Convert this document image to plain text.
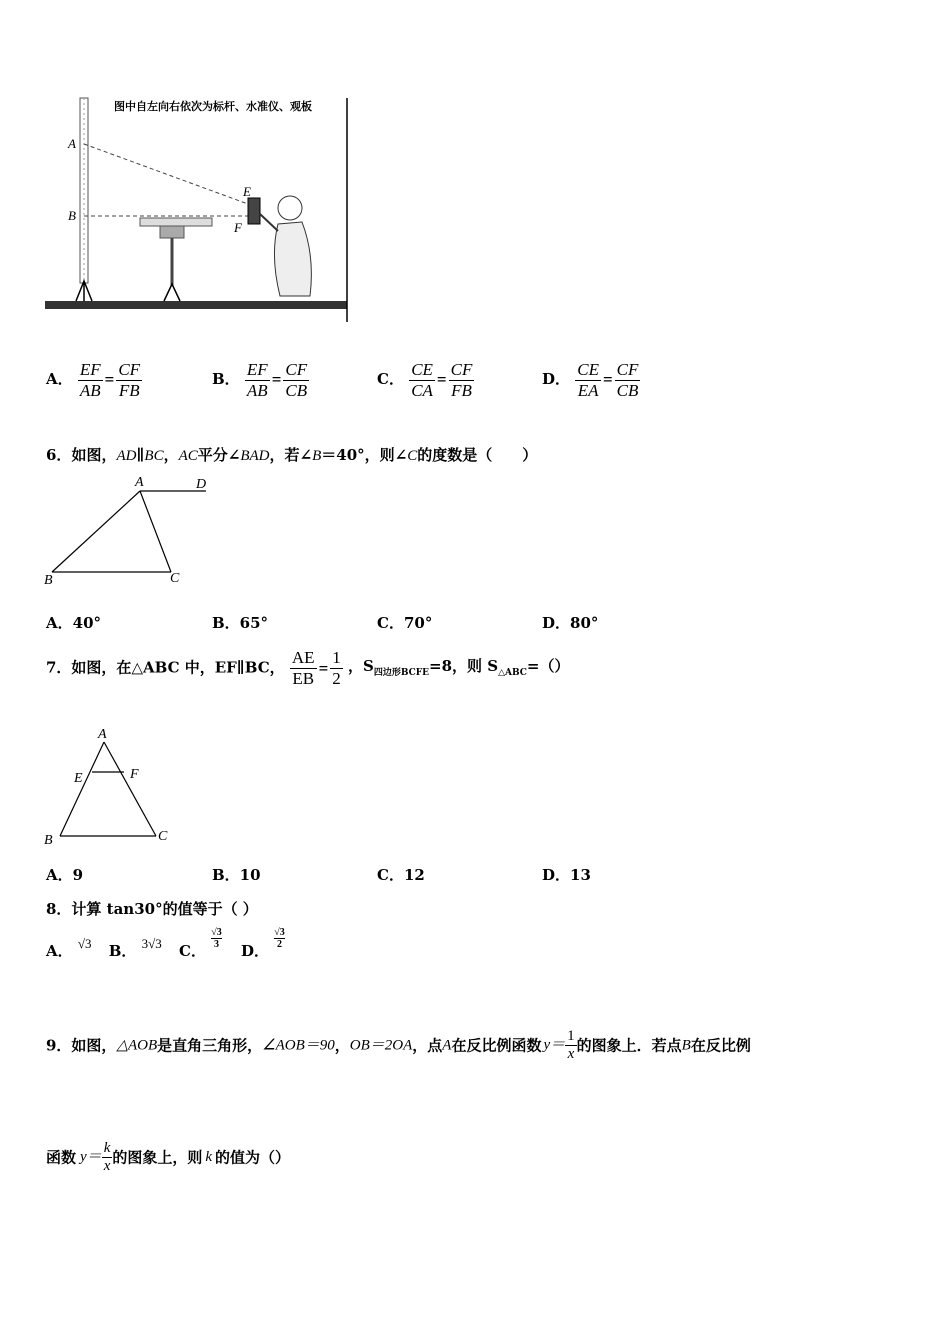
A
B
E
F
图中自左向右依次为标杆、水准仪、观板
A． $\frac{EF}{AB} = \frac{CF}{FB}$	B． $\frac{EF}{AB} = \frac{CF}{CB}$	C． $\frac{CE}{CA} = \frac{CF}{FB}$	D． $\frac{CE}{EA} = \frac{CF}{CB}$
6．如图，AD∥BC，AC平分∠BAD，若∠B＝40°，则∠C的度数是（　　）
A	D
B	C
A．40°	B．65°	C．70°	D．80°
7．如图，在△ABC 中，EF∥BC， $\frac{AE}{EB} = \frac{1}{2}$ ，$S_{四边形BCFE}=8$，则 $S_{\triangle ABC}=()$
A
E	F
B	C
A．9	B．10	C．12	D．13
8．计算 tan30°的值等于（ ）
A． √3 B． 3√3 C． $\frac{√3}{3}$
D． $\frac{√3}{2}$
9．如图，△AOB是直角三角形，∠AOB＝90，OB＝2OA，点A在反比例函数 $y= \frac{1}{x}$ 的图象上．若点B在反比例
函数 $y= \frac{k}{x}$ 的图象上，则 k 的值为（）
